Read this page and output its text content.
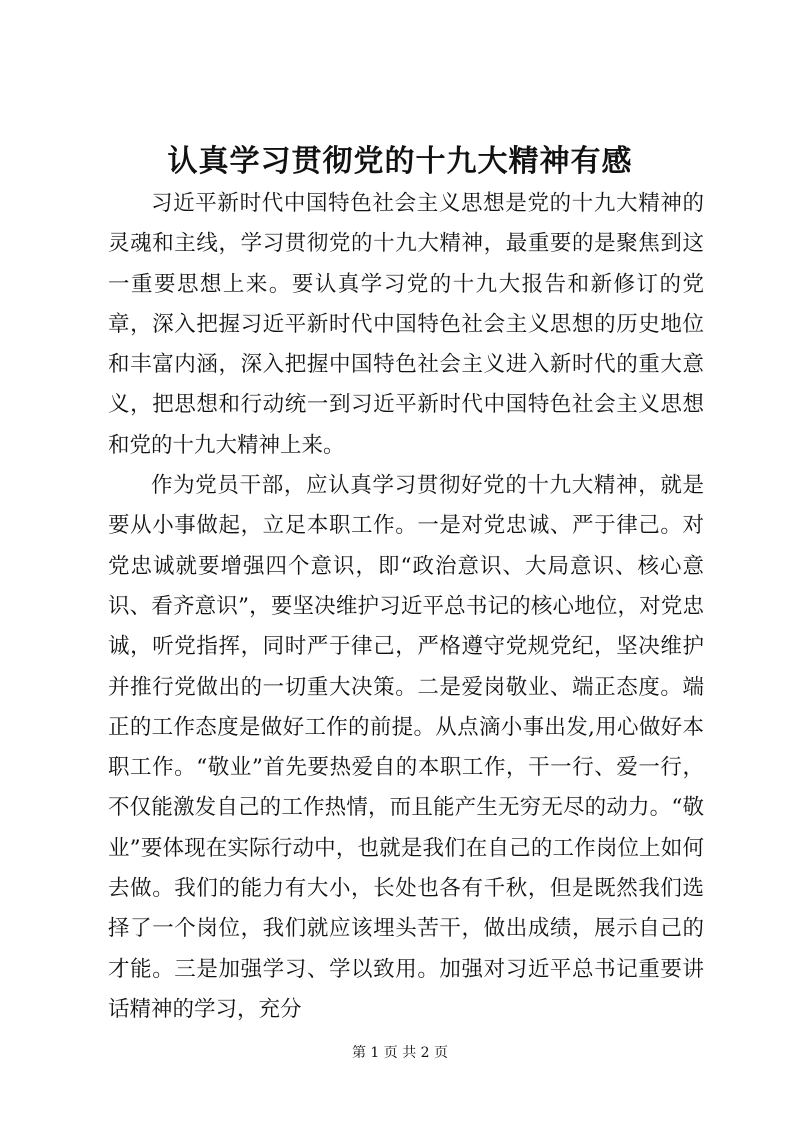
认真学习贯彻党的十九大精神有感

习近平新时代中国特色社会主义思想是党的十九大精神的灵魂和主线，学习贯彻党的十九大精神，最重要的是聚焦到这一重要思想上来。要认真学习党的十九大报告和新修订的党章，深入把握习近平新时代中国特色社会主义思想的历史地位和丰富内涵，深入把握中国特色社会主义进入新时代的重大意义，把思想和行动统一到习近平新时代中国特色社会主义思想和党的十九大精神上来。

作为党员干部，应认真学习贯彻好党的十九大精神，就是要从小事做起，立足本职工作。一是对党忠诚、严于律己。对党忠诚就要增强四个意识，即“政治意识、大局意识、核心意识、看齐意识”，要坚决维护习近平总书记的核心地位，对党忠诚，听党指挥，同时严于律己，严格遵守党规党纪，坚决维护并推行党做出的一切重大决策。二是爱岗敬业、端正态度。端正的工作态度是做好工作的前提。从点滴小事出发,用心做好本职工作。“敬业”首先要热爱自的本职工作，干一行、爱一行，不仅能激发自己的工作热情，而且能产生无穷无尽的动力。“敬业”要体现在实际行动中，也就是我们在自己的工作岗位上如何去做。我们的能力有大小，长处也各有千秋，但是既然我们选择了一个岗位，我们就应该埋头苦干，做出成绩，展示自己的才能。三是加强学习、学以致用。加强对习近平总书记重要讲话精神的学习，充分

第 1 页 共 2 页
